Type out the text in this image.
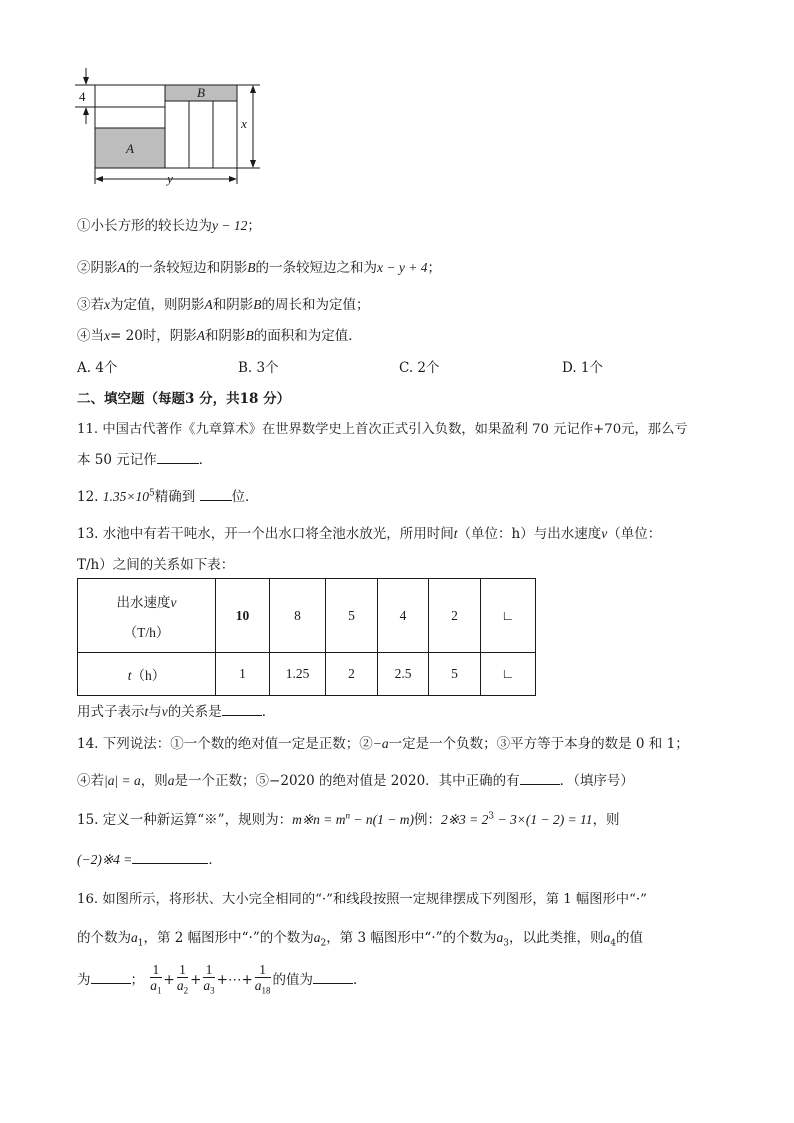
4	B
A
x
y
①小长方形的较长边为y − 12；
②阴影A的一条较短边和阴影B的一条较短边之和为x − y + 4；
③若x为定值，则阴影A和阴影B的周长和为定值；
④当x= 20时，阴影A和阴影B的面积和为定值．
A. 4个	B. 3个	C. 2个	D. 1个
二、填空题（每题3 分，共18 分）
11. 中国古代著作《九章算术》在世界数学史上首次正式引入负数，如果盈利 70 元记作+70元，那么亏
本 50 元记作	．
12. $1.35\times 10^5$精确到 位．
13. 水池中有若干吨水，开一个出水口将全池水放光，所用时间t（单位：h）与出水速度v（单位：
T/h）之间的关系如下表：
出水速度v
（T/h）	10	8	5	4	2	∟
t（h）	1	1.25	2	2.5	5	∟
用式子表示t与v的关系是	．
14. 下列说法：①一个数的绝对值一定是正数；②−a一定是一个负数；③平方等于本身的数是 0 和 1；
④若|a| = a，则a是一个正数；⑤−2020 的绝对值是 2020．其中正确的有	．（填序号）
15. 定义一种新运算“※”，规则为：m※n = $m^n - n(1 - m)$例：2※3 = $2^3 - 3\times(1 - 2) = 11$，则
(−2)※4 =	．
16. 如图所示，将形状、大小完全相同的“·”和线段按照一定规律摆成下列图形，第 1 幅图形中“·”
的个数为$a_1$，第 2 幅图形中“·”的个数为$a_2$，第 3 幅图形中“·”的个数为$a_3$，以此类推，则$a_4$的值
为	； $\frac{1}{a_1} + \frac{1}{a_2} + \frac{1}{a_3}$ +⋯+ $\frac{1}{a_{18}}$ 的值为	．
